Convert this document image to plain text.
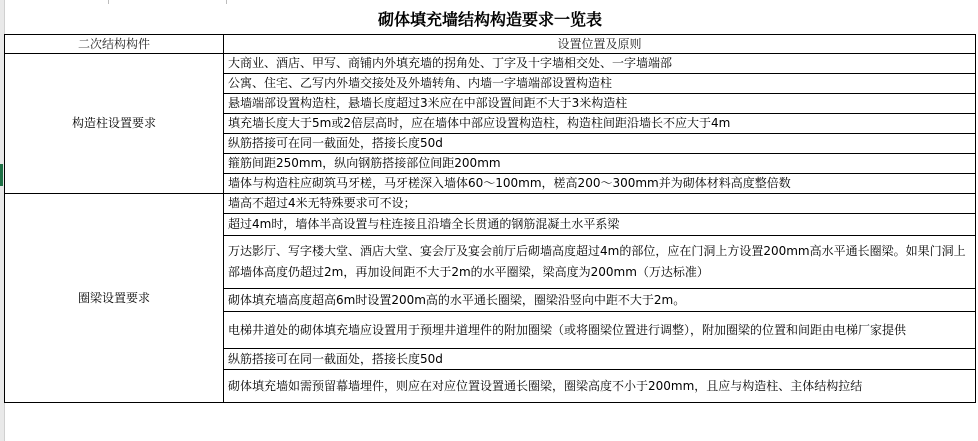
砌体填充墙结构构造要求一览表	
二次结构构件	设置位置及原则
构造柱设置要求	大商业、酒店、甲写、商铺内外填充墙的拐角处、丁字及十字墙相交处、一字墙端部
	公寓、住宅、乙写内外墙交接处及外墙转角、内墙一字墙端部设置构造柱
	悬墙端部设置构造柱，悬墙长度超过3米应在中部设置间距不大于3米构造柱
	填充墙长度大于5m或2倍层高时，应在墙体中部应设置构造柱，构造柱间距沿墙长不应大于4m
	纵筋搭接可在同一截面处，搭接长度50d
	箍筋间距250mm，纵向钢筋搭接部位间距200mm
	墙体与构造柱应砌筑马牙槎，马牙槎深入墙体60～100mm，槎高200～300mm并为砌体材料高度整倍数
圈梁设置要求	墙高不超过4米无特殊要求可不设；
	超过4m时，墙体半高设置与柱连接且沿墙全长贯通的钢筋混凝土水平系梁
	万达影厅、写字楼大堂、酒店大堂、宴会厅及宴会前厅后砌墙高度超过4m的部位，应在门洞上方设置200mm高水平通长圈梁。如果门洞上部墙体高度仍超过2m，再加设间距不大于2m的水平圈梁，梁高度为200mm（万达标准）
	砌体填充墙高度超高6m时设置200m高的水平通长圈梁，圈梁沿竖向中距不大于2m。
	电梯井道处的砌体填充墙应设置用于预埋井道埋件的附加圈梁（或将圈梁位置进行调整），附加圈梁的位置和间距由电梯厂家提供
	纵筋搭接可在同一截面处，搭接长度50d
	砌体填充墙如需预留幕墙埋件，则应在对应位置设置通长圈梁，圈梁高度不小于200mm，且应与构造柱、主体结构拉结
